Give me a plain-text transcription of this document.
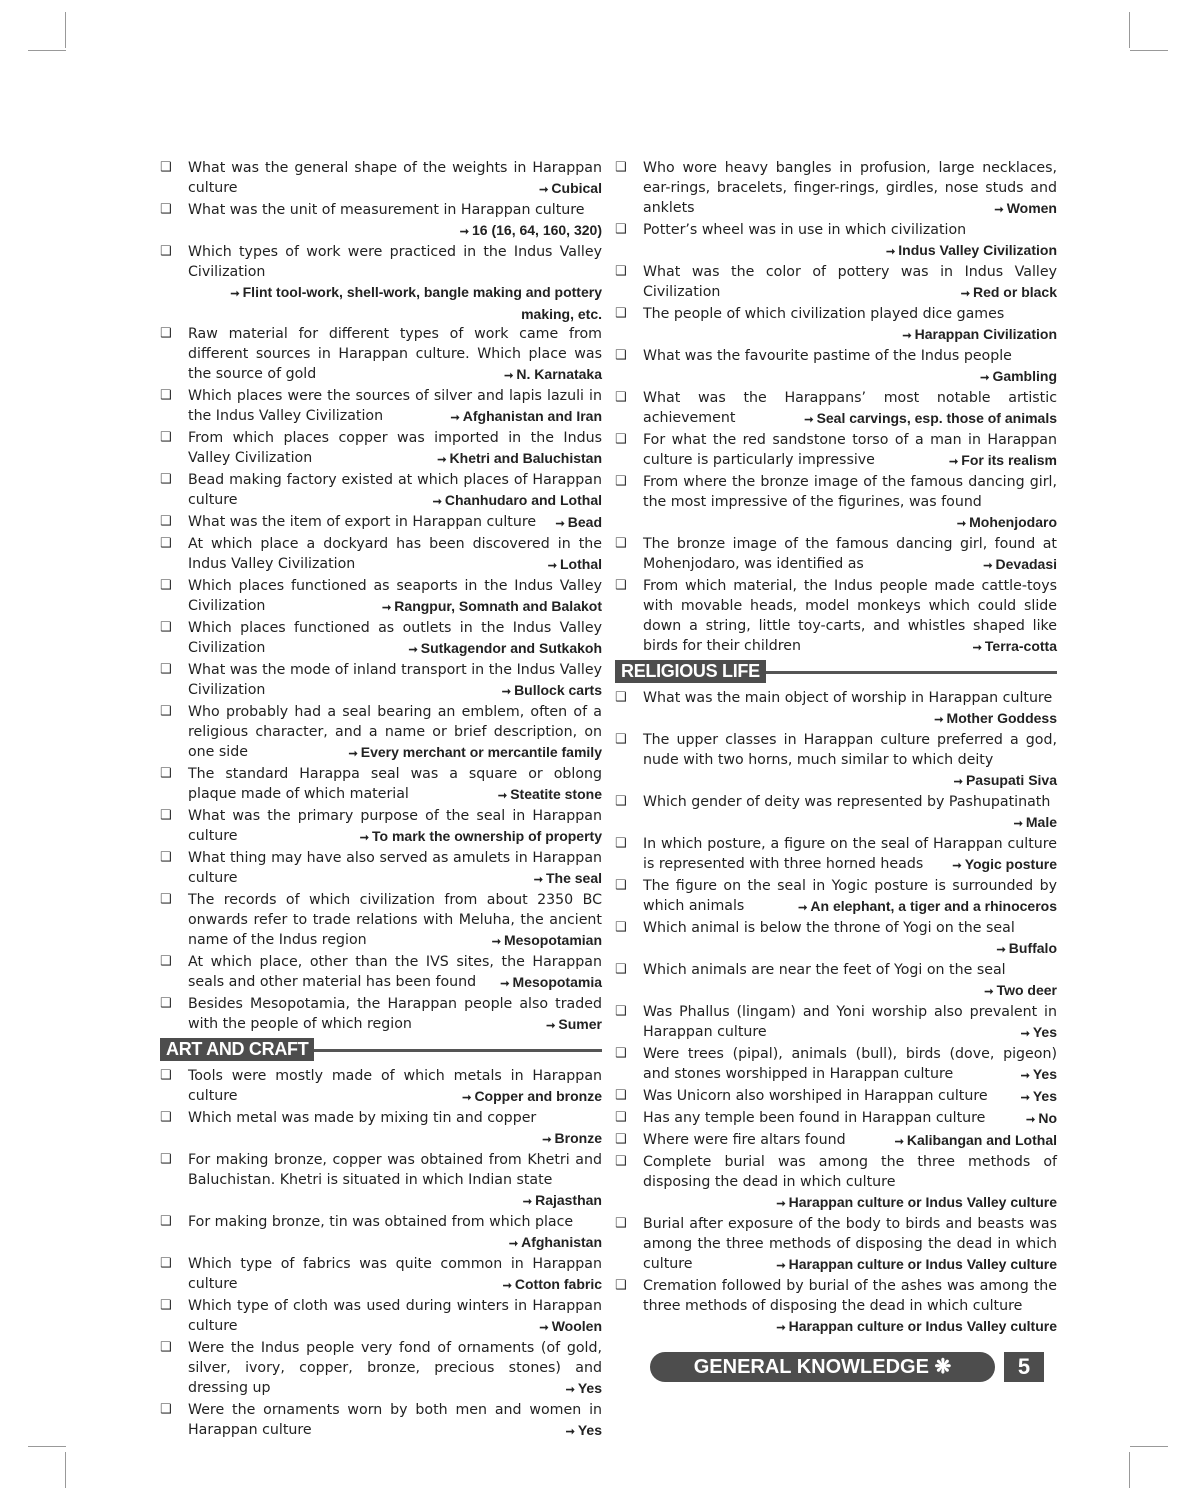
❑ What was the general shape of the weights in Harappan culture	➞ Cubical
❑ What was the unit of measurement in Harappan culture
➞ 16 (16, 64, 160, 320)
❑ Which types of work were practiced in the Indus Valley Civilization
➞ Flint tool-work, shell-work, bangle making and pottery making, etc.
❑ Raw material for different types of work came from different sources in Harappan culture. Which place was the source of gold	➞ N. Karnataka
❑ Which places were the sources of silver and lapis lazuli in the Indus Valley Civilization	➞ Afghanistan and Iran
❑ From which places copper was imported in the Indus Valley Civilization	➞ Khetri and Baluchistan
❑ Bead making factory existed at which places of Harappan culture	➞ Chanhudaro and Lothal
❑ What was the item of export in Harappan culture	➞ Bead
❑ At which place a dockyard has been discovered in the Indus Valley Civilization	➞ Lothal
❑ Which places functioned as seaports in the Indus Valley Civilization	➞ Rangpur, Somnath and Balakot
❑ Which places functioned as outlets in the Indus Valley Civilization	➞ Sutkagendor and Sutkakoh
❑ What was the mode of inland transport in the Indus Valley Civilization	➞ Bullock carts
❑ Who probably had a seal bearing an emblem, often of a religious character, and a name or brief description, on one side	➞ Every merchant or mercantile family
❑ The standard Harappa seal was a square or oblong plaque made of which material	➞ Steatite stone
❑ What was the primary purpose of the seal in Harappan culture	➞ To mark the ownership of property
❑ What thing may have also served as amulets in Harappan culture	➞ The seal
❑ The records of which civilization from about 2350 BC onwards refer to trade relations with Meluha, the ancient name of the Indus region	➞ Mesopotamian
❑ At which place, other than the IVS sites, the Harappan seals and other material has been found	➞ Mesopotamia
❑ Besides Mesopotamia, the Harappan people also traded with the people of which region	➞ Sumer
ART AND CRAFT
❑ Tools were mostly made of which metals in Harappan culture	➞ Copper and bronze
❑ Which metal was made by mixing tin and copper
➞ Bronze
❑ For making bronze, copper was obtained from Khetri and Baluchistan. Khetri is situated in which Indian state
➞ Rajasthan
❑ For making bronze, tin was obtained from which place
➞ Afghanistan
❑ Which type of fabrics was quite common in Harappan culture	➞ Cotton fabric
❑ Which type of cloth was used during winters in Harappan culture	➞ Woolen
❑ Were the Indus people very fond of ornaments (of gold, silver, ivory, copper, bronze, precious stones) and dressing up	➞ Yes
❑ Were the ornaments worn by both men and women in Harappan culture	➞ Yes
❑ Who wore heavy bangles in profusion, large necklaces, ear-rings, bracelets, finger-rings, girdles, nose studs and anklets	➞ Women
❑ Potter’s wheel was in use in which civilization
➞ Indus Valley Civilization
❑ What was the color of pottery was in Indus Valley Civilization	➞ Red or black
❑ The people of which civilization played dice games
➞ Harappan Civilization
❑ What was the favourite pastime of the Indus people
➞ Gambling
❑ What was the Harappans’ most notable artistic achievement	➞ Seal carvings, esp. those of animals
❑ For what the red sandstone torso of a man in Harappan culture is particularly impressive	➞ For its realism
❑ From where the bronze image of the famous dancing girl, the most impressive of the figurines, was found
➞ Mohenjodaro
❑ The bronze image of the famous dancing girl, found at Mohenjodaro, was identified as	➞ Devadasi
❑ From which material, the Indus people made cattle-toys with movable heads, model monkeys which could slide down a string, little toy-carts, and whistles shaped like birds for their children	➞ Terra-cotta
RELIGIOUS LIFE
❑ What was the main object of worship in Harappan culture
➞ Mother Goddess
❑ The upper classes in Harappan culture preferred a god, nude with two horns, much similar to which deity
➞ Pasupati Siva
❑ Which gender of deity was represented by Pashupatinath
➞ Male
❑ In which posture, a figure on the seal of Harappan culture is represented with three horned heads	➞ Yogic posture
❑ The figure on the seal in Yogic posture is surrounded by which animals	➞ An elephant, a tiger and a rhinoceros
❑ Which animal is below the throne of Yogi on the seal
➞ Buffalo
❑ Which animals are near the feet of Yogi on the seal
➞ Two deer
❑ Was Phallus (lingam) and Yoni worship also prevalent in Harappan culture	➞ Yes
❑ Were trees (pipal), animals (bull), birds (dove, pigeon) and stones worshipped in Harappan culture	➞ Yes
❑ Was Unicorn also worshiped in Harappan culture	➞ Yes
❑ Has any temple been found in Harappan culture	➞ No
❑ Where were fire altars found	➞ Kalibangan and Lothal
❑ Complete burial was among the three methods of disposing the dead in which culture
➞ Harappan culture or Indus Valley culture
❑ Burial after exposure of the body to birds and beasts was among the three methods of disposing the dead in which culture	➞ Harappan culture or Indus Valley culture
❑ Cremation followed by burial of the ashes was among the three methods of disposing the dead in which culture
➞ Harappan culture or Indus Valley culture
GENERAL KNOWLEDGE ❋ Oneliners
5
